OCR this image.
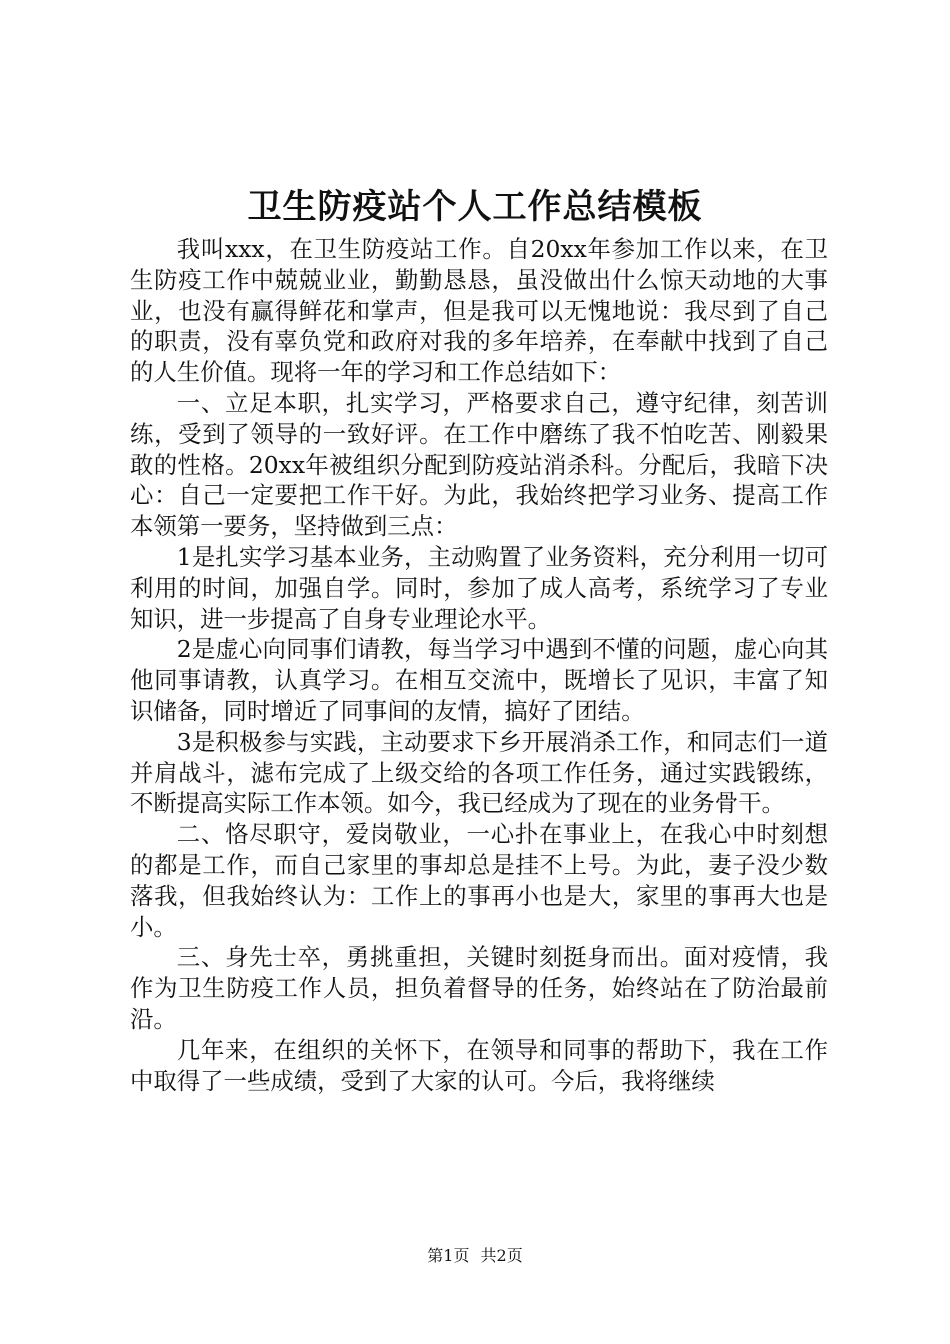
卫生防疫站个人工作总结模板

我叫xxx，在卫生防疫站工作。自20xx年参加工作以来，在卫生防疫工作中兢兢业业，勤勤恳恳，虽没做出什么惊天动地的大事业，也没有赢得鲜花和掌声，但是我可以无愧地说：我尽到了自己的职责，没有辜负党和政府对我的多年培养，在奉献中找到了自己的人生价值。现将一年的学习和工作总结如下：

一、立足本职，扎实学习，严格要求自己，遵守纪律，刻苦训练，受到了领导的一致好评。在工作中磨练了我不怕吃苦、刚毅果敢的性格。20xx年被组织分配到防疫站消杀科。分配后，我暗下决心：自己一定要把工作干好。为此，我始终把学习业务、提高工作本领第一要务，坚持做到三点：

1是扎实学习基本业务，主动购置了业务资料，充分利用一切可利用的时间，加强自学。同时，参加了成人高考，系统学习了专业知识，进一步提高了自身专业理论水平。

2是虚心向同事们请教，每当学习中遇到不懂的问题，虚心向其他同事请教，认真学习。在相互交流中，既增长了见识，丰富了知识储备，同时增近了同事间的友情，搞好了团结。

3是积极参与实践，主动要求下乡开展消杀工作，和同志们一道并肩战斗，滤布完成了上级交给的各项工作任务，通过实践锻练，不断提高实际工作本领。如今，我已经成为了现在的业务骨干。

二、恪尽职守，爱岗敬业，一心扑在事业上，在我心中时刻想的都是工作，而自己家里的事却总是挂不上号。为此，妻子没少数落我，但我始终认为：工作上的事再小也是大，家里的事再大也是小。

三、身先士卒，勇挑重担，关键时刻挺身而出。面对疫情，我作为卫生防疫工作人员，担负着督导的任务，始终站在了防治最前沿。

几年来，在组织的关怀下，在领导和同事的帮助下，我在工作中取得了一些成绩，受到了大家的认可。今后，我将继续

第1页 共2页
